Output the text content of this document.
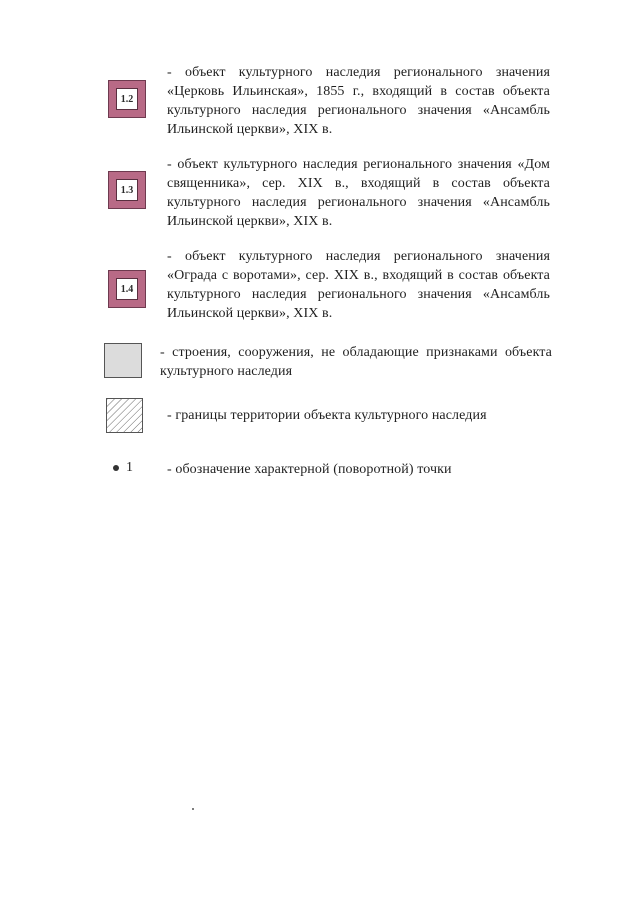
1.2
- объект культурного наследия регионального значения «Церковь Ильинская», 1855 г., входящий в состав объекта культурного наследия регионального значения «Ансамбль Ильинской церкви», XIX в.
1.3
- объект культурного наследия регионального значения «Дом священника», сер. XIX в., входящий в состав объекта культурного наследия регионального значения «Ансамбль Ильинской церкви», XIX в.
1.4
- объект культурного наследия регионального значения «Ограда с воротами», сер. XIX в., входящий в состав объекта культурного наследия регионального значения «Ансамбль Ильинской церкви», XIX в.
- строения, сооружения, не обладающие признаками объекта культурного наследия
- границы территории объекта культурного наследия
1 - обозначение характерной (поворотной) точки
